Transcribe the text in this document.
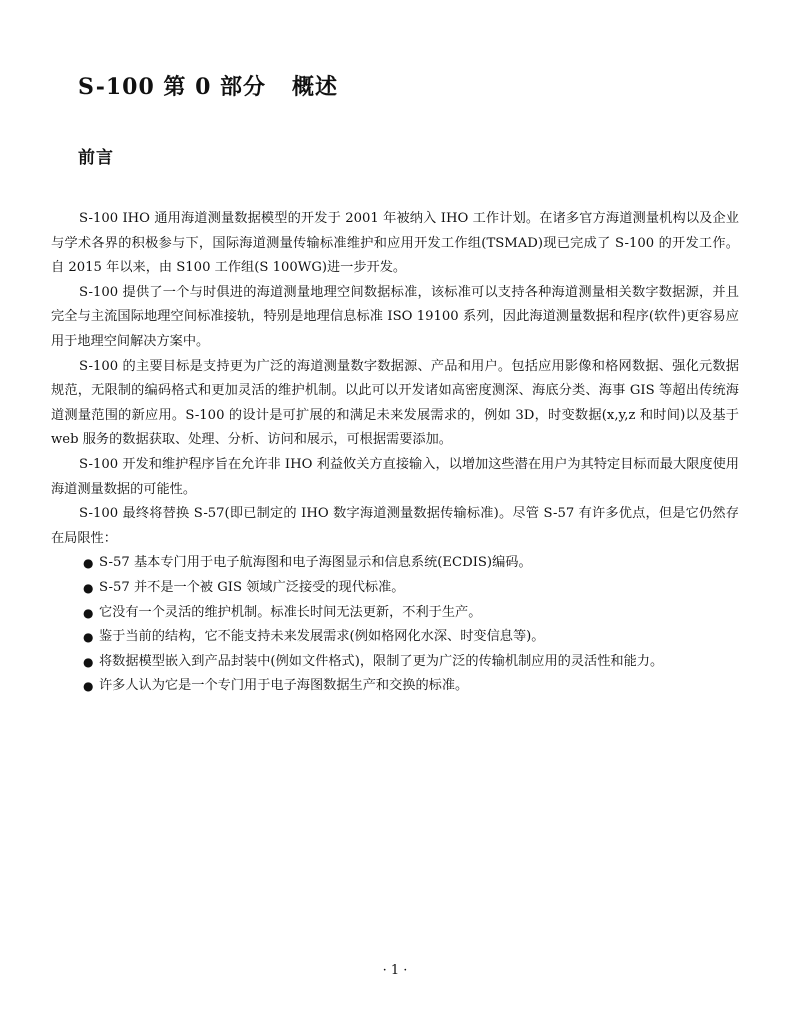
S-100 第 0 部分 概述
前言

S-100 IHO 通用海道测量数据模型的开发于 2001 年被纳入 IHO 工作计划。在诸多官方海道测量机构以及企业与学术各界的积极参与下，国际海道测量传输标准维护和应用开发工作组(TSMAD)现已完成了 S-100 的开发工作。自 2015 年以来，由 S100 工作组(S 100WG)进一步开发。

S-100 提供了一个与时俱进的海道测量地理空间数据标准，该标准可以支持各种海道测量相关数字数据源，并且完全与主流国际地理空间标准接轨，特别是地理信息标准 ISO 19100 系列，因此海道测量数据和程序(软件)更容易应用于地理空间解决方案中。

S-100 的主要目标是支持更为广泛的海道测量数字数据源、产品和用户。包括应用影像和格网数据、强化元数据规范，无限制的编码格式和更加灵活的维护机制。以此可以开发诸如高密度测深、海底分类、海事 GIS 等超出传统海道测量范围的新应用。S-100 的设计是可扩展的和满足未来发展需求的，例如 3D，时变数据(x,y,z 和时间)以及基于 web 服务的数据获取、处理、分析、访问和展示，可根据需要添加。

S-100 开发和维护程序旨在允许非 IHO 利益攸关方直接输入，以增加这些潜在用户为其特定目标而最大限度使用海道测量数据的可能性。

S-100 最终将替换 S-57(即已制定的 IHO 数字海道测量数据传输标准)。尽管 S-57 有许多优点，但是它仍然存在局限性：

● S-57 基本专门用于电子航海图和电子海图显示和信息系统(ECDIS)编码。
● S-57 并不是一个被 GIS 领域广泛接受的现代标准。
● 它没有一个灵活的维护机制。标准长时间无法更新，不利于生产。
● 鉴于当前的结构，它不能支持未来发展需求(例如格网化水深、时变信息等)。
● 将数据模型嵌入到产品封装中(例如文件格式)，限制了更为广泛的传输机制应用的灵活性和能力。
● 许多人认为它是一个专门用于电子海图数据生产和交换的标准。
· 1 ·
